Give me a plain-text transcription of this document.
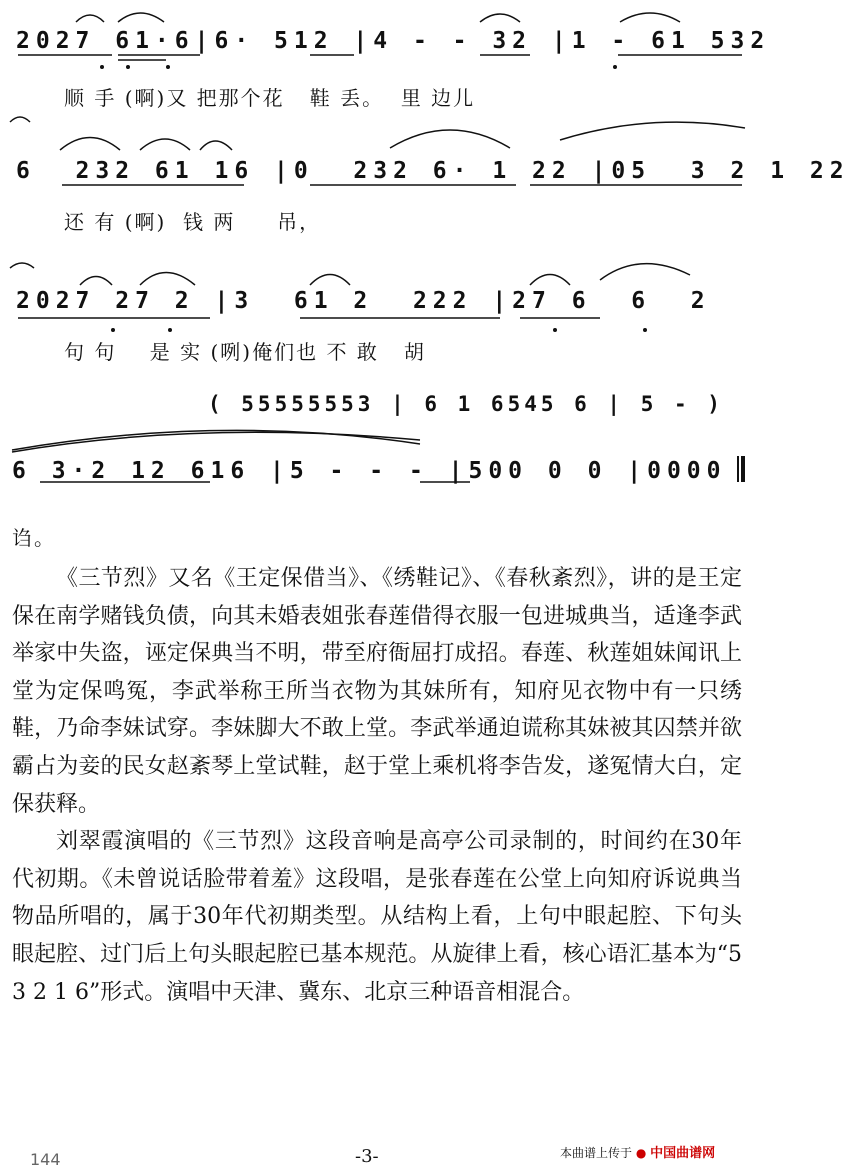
2027 61·6|6· 512 |4 - - 32 |1 - 61 532
顺 手 (啊)又 把那个花   鞋 丢。  里 边儿
6  232 61 16 |0  232 6· 1 22 |05  3 2 1 22
还 有 (啊)  钱 两     吊，
2027 27 2 |3  61 2  222 |27 6  6  2
句 句    是 实 (咧)俺们也 不 敢   胡
( 55555553 | 6 1 6545 6 | 5 - )
6 3·2 12 616 |5 - - - |500 0 0 |0000
诌。

《三节烈》又名《王定保借当》、《绣鞋记》、《春秋紊烈》，讲的是王定保在南学赌钱负债，向其未婚表姐张春莲借得衣服一包进城典当，适逢李武举家中失盗，诬定保典当不明，带至府衙屈打成招。春莲、秋莲姐妹闻讯上堂为定保鸣冤，李武举称王所当衣物为其妹所有，知府见衣物中有一只绣鞋，乃命李妹试穿。李妹脚大不敢上堂。李武举通迫谎称其妹被其囚禁并欲霸占为妾的民女赵紊琴上堂试鞋，赵于堂上乘机将李告发，遂冤情大白，定保获释。

刘翠霞演唱的《三节烈》这段音响是高亭公司录制的，时间约在30年代初期。《未曾说话脸带着羞》这段唱，是张春莲在公堂上向知府诉说典当物品所唱的，属于30年代初期类型。从结构上看，上句中眼起腔、下句头眼起腔、过门后上句头眼起腔已基本规范。从旋律上看，核心语汇基本为“5 3 2 1 6”形式。演唱中天津、冀东、北京三种语音相混合。

144	-3-	本曲谱上传于 ● 中国曲谱网
